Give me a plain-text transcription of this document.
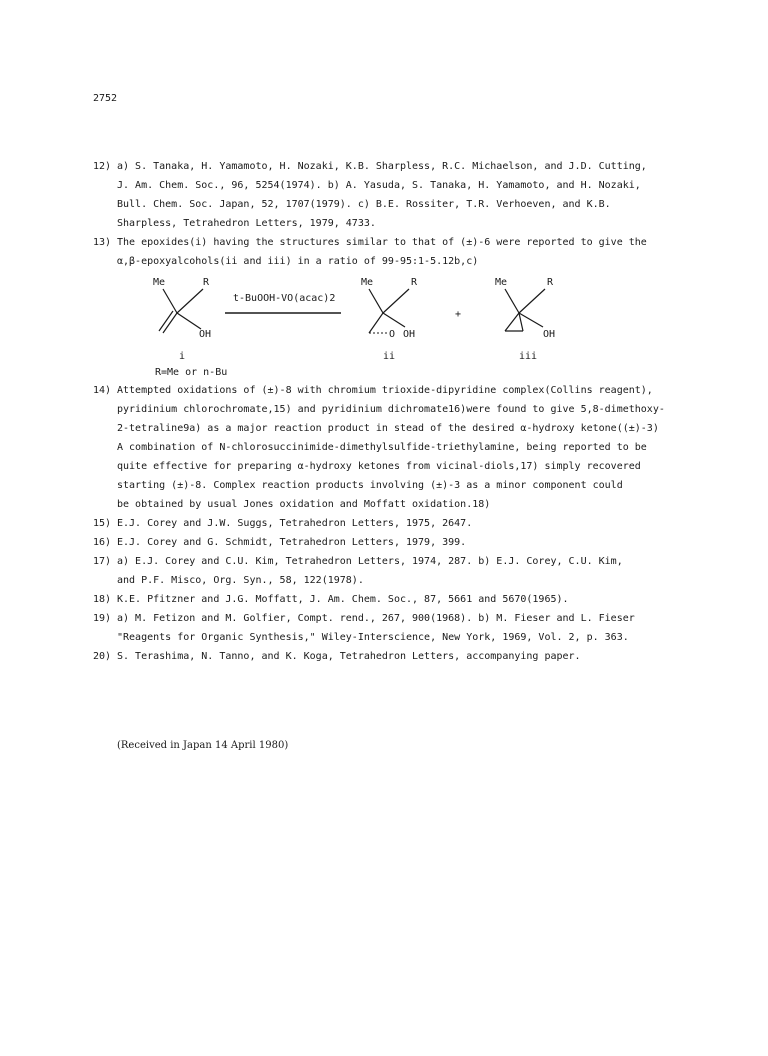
2752
12) a) S. Tanaka, H. Yamamoto, H. Nozaki, K.B. Sharpless, R.C. Michaelson, and J.D. Cutting,
J. Am. Chem. Soc., 96, 5254(1974). b) A. Yasuda, S. Tanaka, H. Yamamoto, and H. Nozaki,
Bull. Chem. Soc. Japan, 52, 1707(1979). c) B.E. Rossiter, T.R. Verhoeven, and K.B.
Sharpless, Tetrahedron Letters, 1979, 4733.
13) The epoxides(i) having the structures similar to that of (±)-6 were reported to give the
α,β-epoxyalcohols(ii and iii) in a ratio of 99-95:1-5.12b,c)
Me	R
OH
i
R=Me or n-Bu
t-BuOOH-VO(acac)2
Me	R
O OH
ii
+
Me	R
OH
iii
14) Attempted oxidations of (±)-8 with chromium trioxide-dipyridine complex(Collins reagent),
pyridinium chlorochromate,15) and pyridinium dichromate16)were found to give 5,8-dimethoxy-
2-tetraline9a) as a major reaction product in stead of the desired α-hydroxy ketone((±)-3)
A combination of N-chlorosuccinimide-dimethylsulfide-triethylamine, being reported to be
quite effective for preparing α-hydroxy ketones from vicinal-diols,17) simply recovered
starting (±)-8. Complex reaction products involving (±)-3 as a minor component could
be obtained by usual Jones oxidation and Moffatt oxidation.18)
15) E.J. Corey and J.W. Suggs, Tetrahedron Letters, 1975, 2647.
16) E.J. Corey and G. Schmidt, Tetrahedron Letters, 1979, 399.
17) a) E.J. Corey and C.U. Kim, Tetrahedron Letters, 1974, 287. b) E.J. Corey, C.U. Kim,
and P.F. Misco, Org. Syn., 58, 122(1978).
18) K.E. Pfitzner and J.G. Moffatt, J. Am. Chem. Soc., 87, 5661 and 5670(1965).
19) a) M. Fetizon and M. Golfier, Compt. rend., 267, 900(1968). b) M. Fieser and L. Fieser
"Reagents for Organic Synthesis," Wiley-Interscience, New York, 1969, Vol. 2, p. 363.
20) S. Terashima, N. Tanno, and K. Koga, Tetrahedron Letters, accompanying paper.
(Received in Japan 14 April 1980)
